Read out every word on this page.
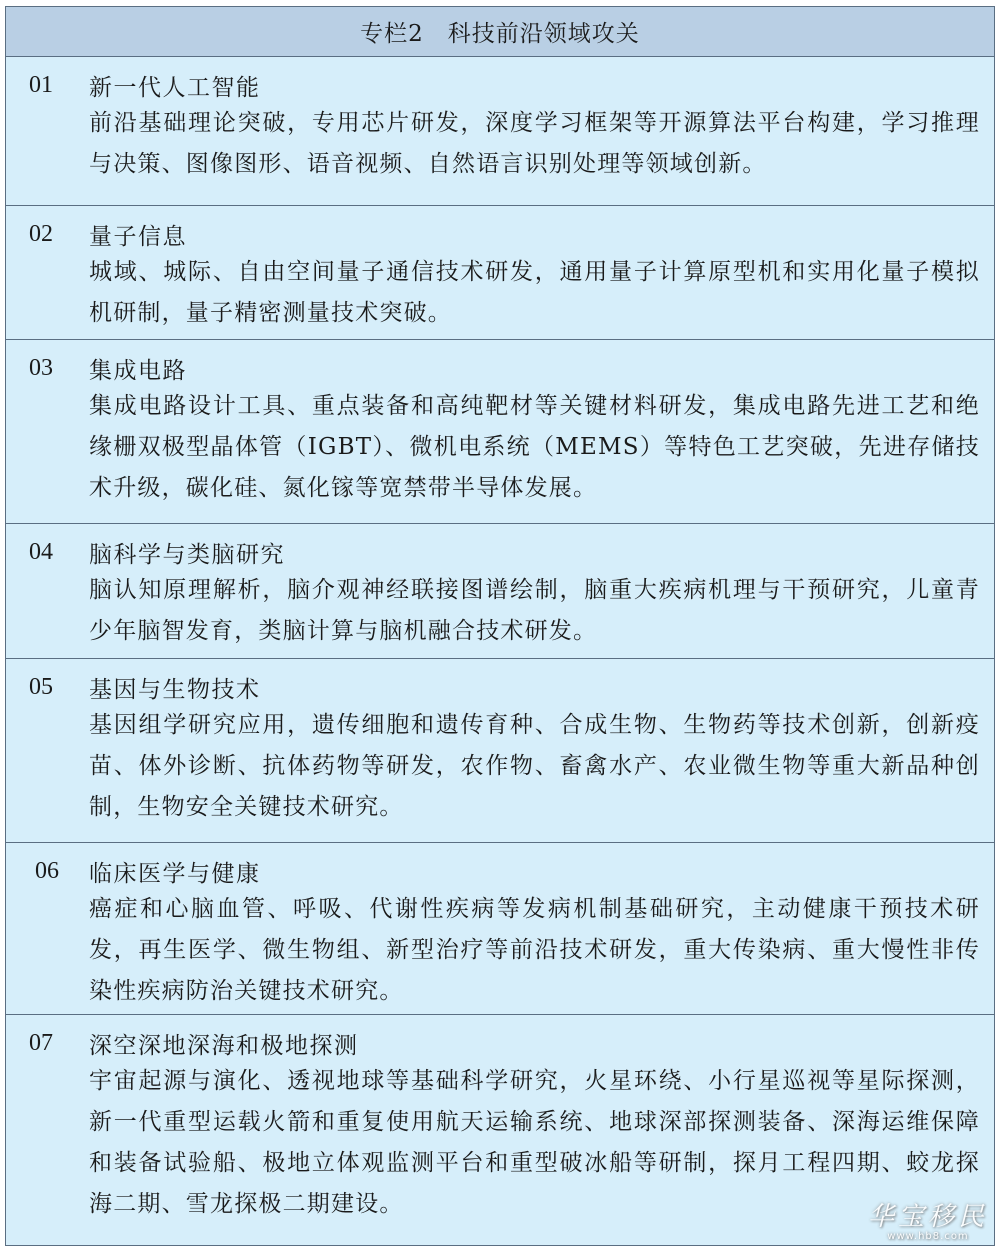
专栏2　科技前沿领域攻关
01	新一代人工智能

前沿基础理论突破，专用芯片研发，深度学习框架等开源算法平台构建，学习推理与决策、图像图形、语音视频、自然语言识别处理等领域创新。

02	量子信息

城域、城际、自由空间量子通信技术研发，通用量子计算原型机和实用化量子模拟机研制，量子精密测量技术突破。

03	集成电路

集成电路设计工具、重点装备和高纯靶材等关键材料研发，集成电路先进工艺和绝缘栅双极型晶体管（IGBT）、微机电系统（MEMS）等特色工艺突破，先进存储技术升级，碳化硅、氮化镓等宽禁带半导体发展。

04	脑科学与类脑研究

脑认知原理解析，脑介观神经联接图谱绘制，脑重大疾病机理与干预研究，儿童青少年脑智发育，类脑计算与脑机融合技术研发。

05	基因与生物技术

基因组学研究应用，遗传细胞和遗传育种、合成生物、生物药等技术创新，创新疫苗、体外诊断、抗体药物等研发，农作物、畜禽水产、农业微生物等重大新品种创制，生物安全关键技术研究。

06	临床医学与健康

癌症和心脑血管、呼吸、代谢性疾病等发病机制基础研究，主动健康干预技术研发，再生医学、微生物组、新型治疗等前沿技术研发，重大传染病、重大慢性非传染性疾病防治关键技术研究。

07	深空深地深海和极地探测

宇宙起源与演化、透视地球等基础科学研究，火星环绕、小行星巡视等星际探测，新一代重型运载火箭和重复使用航天运输系统、地球深部探测装备、深海运维保障和装备试验船、极地立体观监测平台和重型破冰船等研制，探月工程四期、蛟龙探海二期、雪龙探极二期建设。	华宝移民
www.hb8.com
